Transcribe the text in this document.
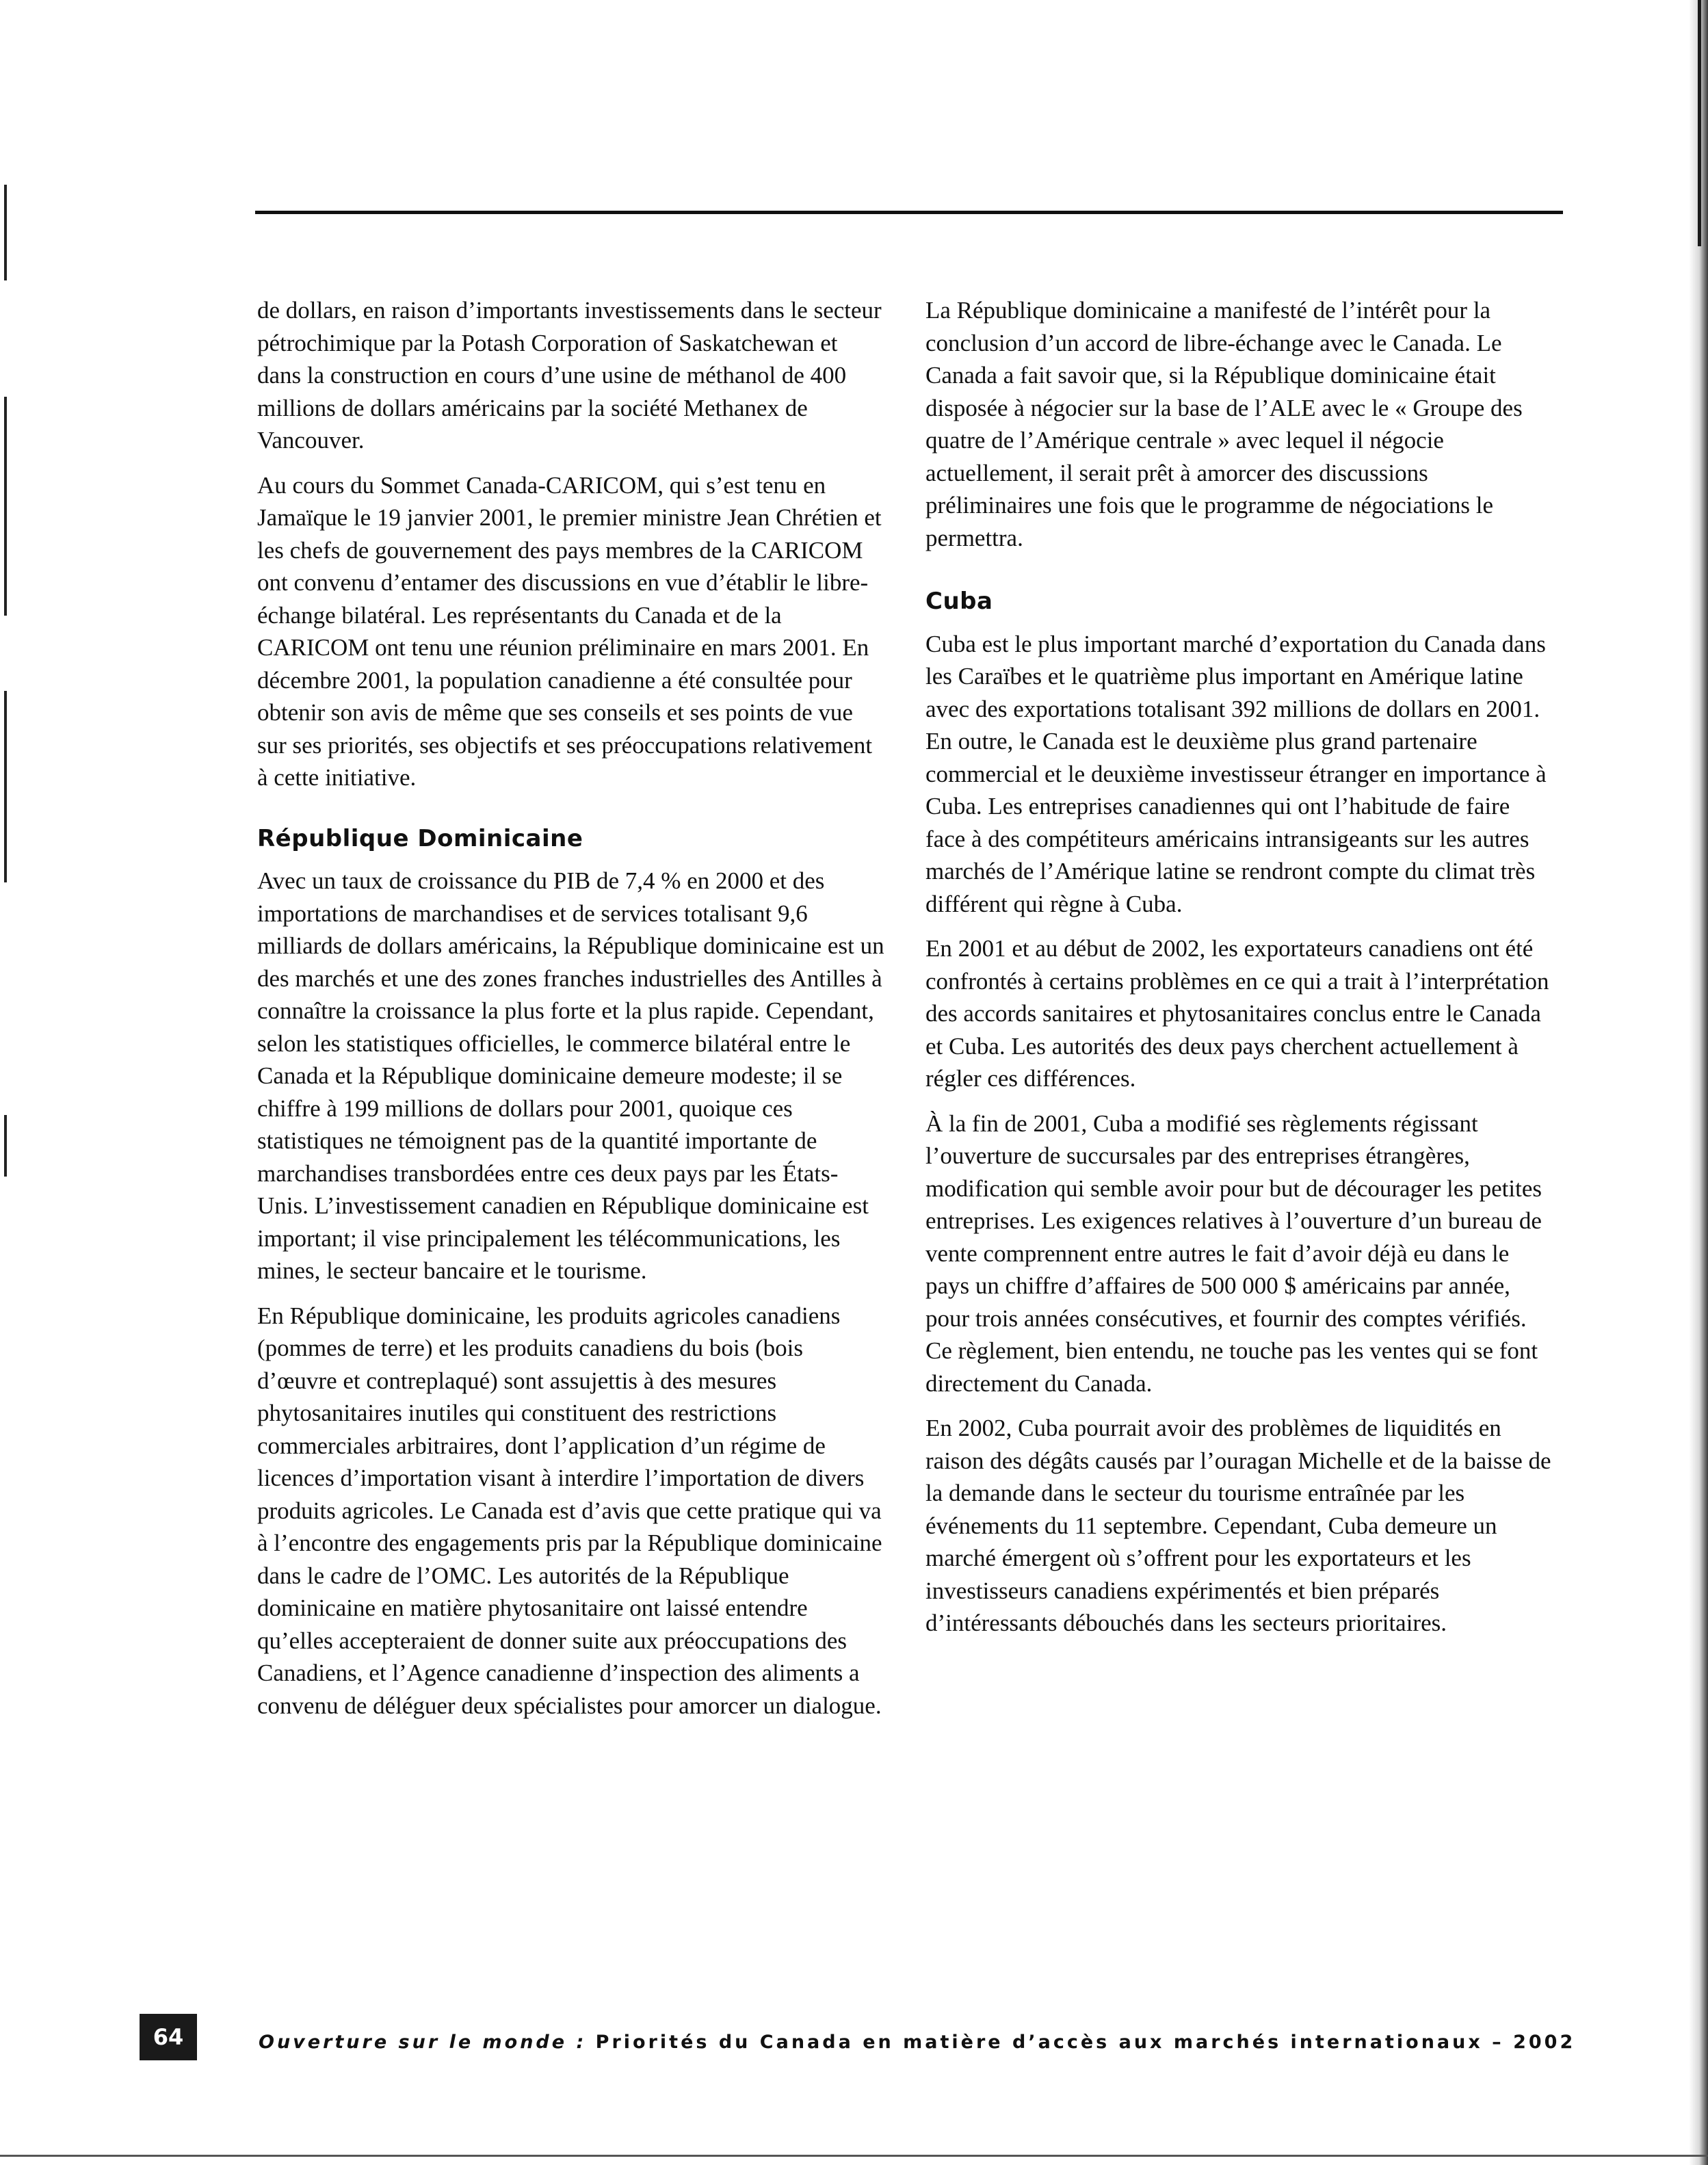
de dollars, en raison d’importants investissements dans le secteur pétrochimique par la Potash Corporation of Saskatchewan et dans la construction en cours d’une usine de méthanol de 400 millions de dollars américains par la société Methanex de Vancouver.

Au cours du Sommet Canada-CARICOM, qui s’est tenu en Jamaïque le 19 janvier 2001, le premier ministre Jean Chrétien et les chefs de gouvernement des pays membres de la CARICOM ont convenu d’entamer des discussions en vue d’établir le libre-échange bilatéral. Les représentants du Canada et de la CARICOM ont tenu une réunion préliminaire en mars 2001. En décembre 2001, la population canadienne a été consultée pour obtenir son avis de même que ses conseils et ses points de vue sur ses priorités, ses objectifs et ses préoccupations relativement à cette initiative.

République Dominicaine

Avec un taux de croissance du PIB de 7,4 % en 2000 et des importations de marchandises et de services totalisant 9,6 milliards de dollars américains, la République dominicaine est un des marchés et une des zones franches industrielles des Antilles à connaître la croissance la plus forte et la plus rapide. Cependant, selon les statistiques officielles, le commerce bilatéral entre le Canada et la République dominicaine demeure modeste; il se chiffre à 199 millions de dollars pour 2001, quoique ces statistiques ne témoignent pas de la quantité importante de marchandises transbordées entre ces deux pays par les États-Unis. L’investissement canadien en République dominicaine est important; il vise principalement les télécommunications, les mines, le secteur bancaire et le tourisme.

En République dominicaine, les produits agricoles canadiens (pommes de terre) et les produits canadiens du bois (bois d’œuvre et contreplaqué) sont assujettis à des mesures phytosanitaires inutiles qui constituent des restrictions commerciales arbitraires, dont l’application d’un régime de licences d’importation visant à interdire l’importation de divers produits agricoles. Le Canada est d’avis que cette pratique qui va à l’encontre des engagements pris par la République dominicaine dans le cadre de l’OMC. Les autorités de la République dominicaine en matière phytosanitaire ont laissé entendre qu’elles accepteraient de donner suite aux préoccupations des Canadiens, et l’Agence canadienne d’inspection des aliments a convenu de déléguer deux spécialistes pour amorcer un dialogue.

La République dominicaine a manifesté de l’intérêt pour la conclusion d’un accord de libre-échange avec le Canada. Le Canada a fait savoir que, si la République dominicaine était disposée à négocier sur la base de l’ALE avec le « Groupe des quatre de l’Amérique centrale » avec lequel il négocie actuellement, il serait prêt à amorcer des discussions préliminaires une fois que le programme de négociations le permettra.

Cuba

Cuba est le plus important marché d’exportation du Canada dans les Caraïbes et le quatrième plus important en Amérique latine avec des exportations totalisant 392 millions de dollars en 2001. En outre, le Canada est le deuxième plus grand partenaire commercial et le deuxième investisseur étranger en importance à Cuba. Les entreprises canadiennes qui ont l’habitude de faire face à des compétiteurs américains intransigeants sur les autres marchés de l’Amérique latine se rendront compte du climat très différent qui règne à Cuba.

En 2001 et au début de 2002, les exportateurs canadiens ont été confrontés à certains problèmes en ce qui a trait à l’interprétation des accords sanitaires et phytosanitaires conclus entre le Canada et Cuba. Les autorités des deux pays cherchent actuellement à régler ces différences.

À la fin de 2001, Cuba a modifié ses règlements régissant l’ouverture de succursales par des entreprises étrangères, modification qui semble avoir pour but de décourager les petites entreprises. Les exigences relatives à l’ouverture d’un bureau de vente comprennent entre autres le fait d’avoir déjà eu dans le pays un chiffre d’affaires de 500 000 $ américains par année, pour trois années consécutives, et fournir des comptes vérifiés. Ce règlement, bien entendu, ne touche pas les ventes qui se font directement du Canada.

En 2002, Cuba pourrait avoir des problèmes de liquidités en raison des dégâts causés par l’ouragan Michelle et de la baisse de la demande dans le secteur du tourisme entraînée par les événements du 11 septembre. Cependant, Cuba demeure un marché émergent où s’offrent pour les exportateurs et les investisseurs canadiens expérimentés et bien préparés d’intéressants débouchés dans les secteurs prioritaires.

64	Ouverture sur le monde : Priorités du Canada en matière d’accès aux marchés internationaux – 2002
